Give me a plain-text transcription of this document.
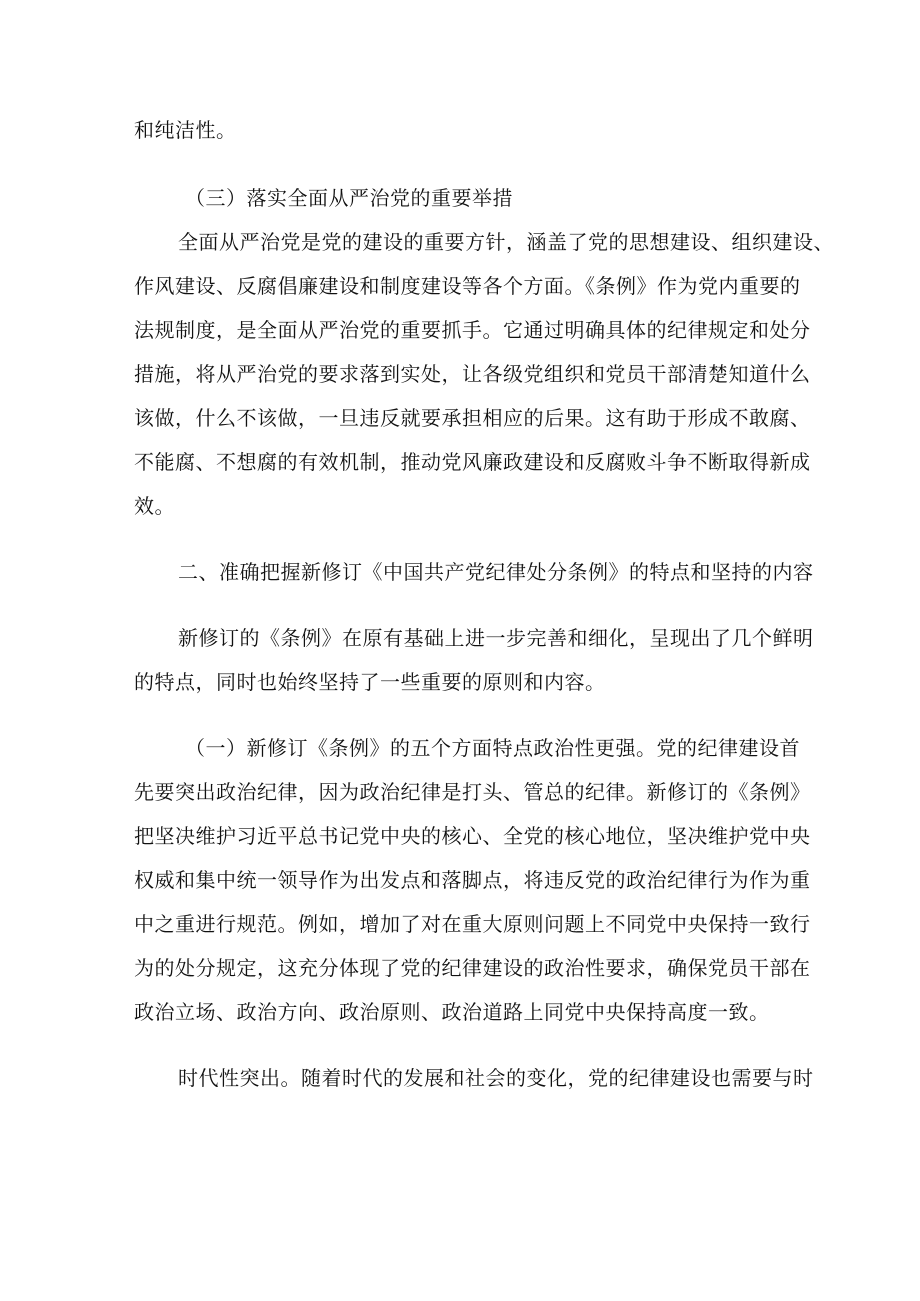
和纯洁性。

（三）落实全面从严治党的重要举措

全面从严治党是党的建设的重要方针，涵盖了党的思想建设、组织建设、

作风建设、反腐倡廉建设和制度建设等各个方面。《条例》作为党内重要的

法规制度，是全面从严治党的重要抓手。它通过明确具体的纪律规定和处分

措施，将从严治党的要求落到实处，让各级党组织和党员干部清楚知道什么

该做，什么不该做，一旦违反就要承担相应的后果。这有助于形成不敢腐、

不能腐、不想腐的有效机制，推动党风廉政建设和反腐败斗争不断取得新成

效。

二、准确把握新修订《中国共产党纪律处分条例》的特点和坚持的内容

新修订的《条例》在原有基础上进一步完善和细化，呈现出了几个鲜明

的特点，同时也始终坚持了一些重要的原则和内容。

（一）新修订《条例》的五个方面特点政治性更强。党的纪律建设首

先要突出政治纪律，因为政治纪律是打头、管总的纪律。新修订的《条例》

把坚决维护习近平总书记党中央的核心、全党的核心地位，坚决维护党中央

权威和集中统一领导作为出发点和落脚点，将违反党的政治纪律行为作为重

中之重进行规范。例如，增加了对在重大原则问题上不同党中央保持一致行

为的处分规定，这充分体现了党的纪律建设的政治性要求，确保党员干部在

政治立场、政治方向、政治原则、政治道路上同党中央保持高度一致。

时代性突出。随着时代的发展和社会的变化，党的纪律建设也需要与时
